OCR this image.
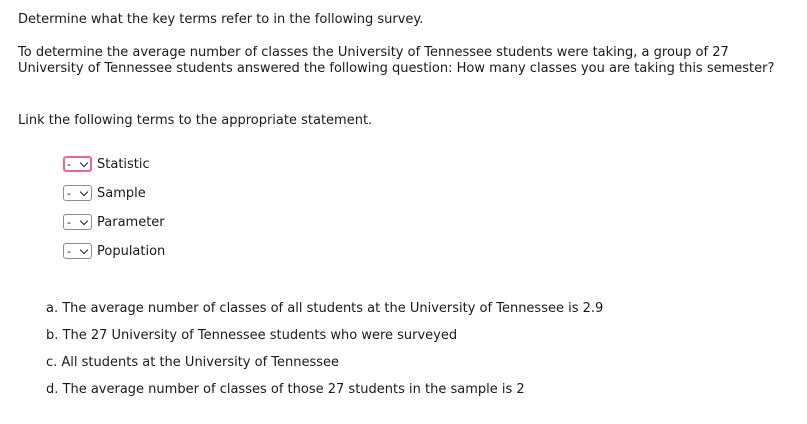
Determine what the key terms refer to in the following survey.

To determine the average number of classes the University of Tennessee students were taking, a group of 27 University of Tennessee students answered the following question: How many classes you are taking this semester?

Link the following terms to the appropriate statement.

- Statistic
- Sample
- Parameter
- Population
a. The average number of classes of all students at the University of Tennessee is 2.9
b. The 27 University of Tennessee students who were surveyed
c. All students at the University of Tennessee
d. The average number of classes of those 27 students in the sample is 2
